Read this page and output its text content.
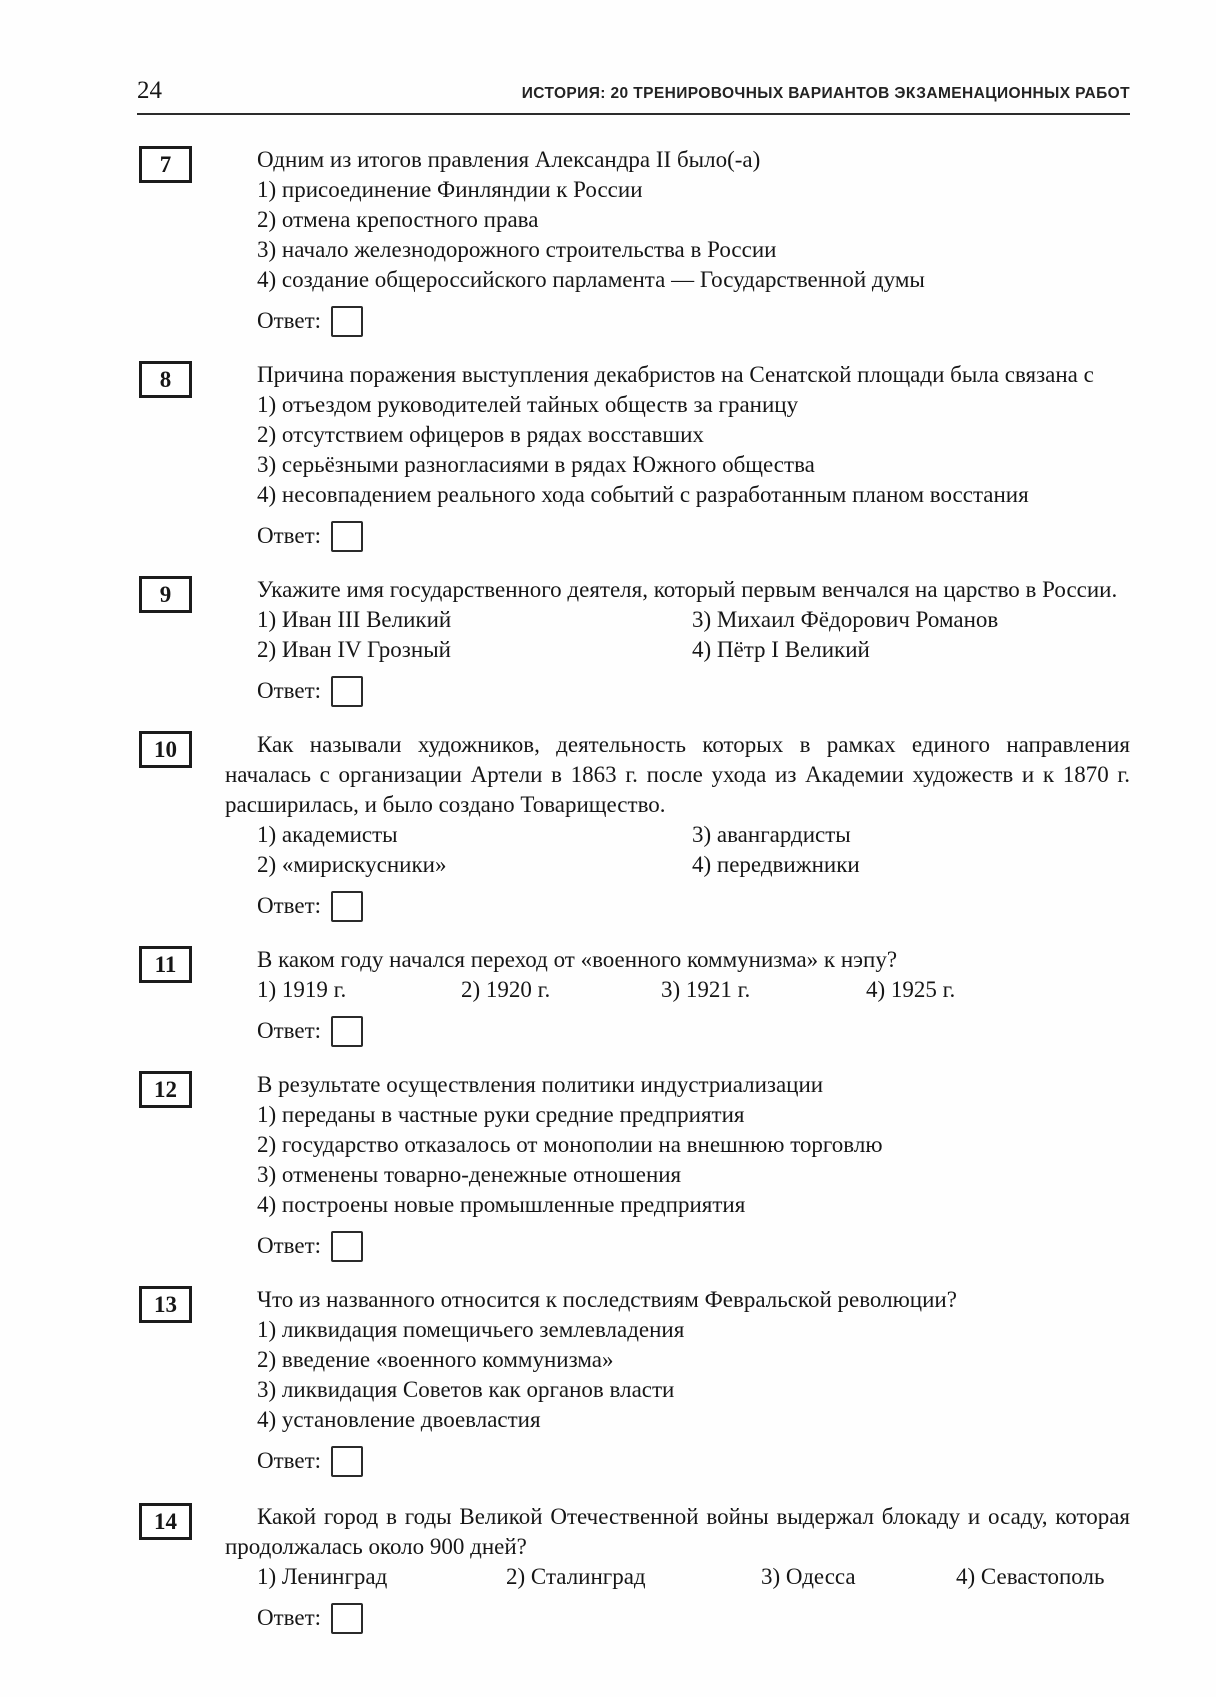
24	ИСТОРИЯ: 20 ТРЕНИРОВОЧНЫХ ВАРИАНТОВ ЭКЗАМЕНАЦИОННЫХ РАБОТ
7	Одним из итогов правления Александра II было(-а)

1) присоединение Финляндии к России
2) отмена крепостного права
3) начало железнодорожного строительства в России
4) создание общероссийского парламента — Государственной думы
Ответ:
8	Причина поражения выступления декабристов на Сенатской площади была связана с

1) отъездом руководителей тайных обществ за границу
2) отсутствием офицеров в рядах восставших
3) серьёзными разногласиями в рядах Южного общества
4) несовпадением реального хода событий с разработанным планом восстания
Ответ:
9	Укажите имя государственного деятеля, который первым венчался на царство в России.

1) Иван III Великий	3) Михаил Фёдорович Романов
2) Иван IV Грозный	4) Пётр I Великий
Ответ:
10	Как называли художников, деятельность которых в рамках единого направления началась с организации Артели в 1863 г. после ухода из Академии художеств и к 1870 г. расширилась, и было создано Товарищество.

1) академисты	3) авангардисты
2) «мирискусники»	4) передвижники
Ответ:
11	В каком году начался переход от «военного коммунизма» к нэпу?

1) 1919 г.	2) 1920 г.	3) 1921 г.	4) 1925 г.
Ответ:
12	В результате осуществления политики индустриализации

1) переданы в частные руки средние предприятия
2) государство отказалось от монополии на внешнюю торговлю
3) отменены товарно-денежные отношения
4) построены новые промышленные предприятия
Ответ:
13	Что из названного относится к последствиям Февральской революции?

1) ликвидация помещичьего землевладения
2) введение «военного коммунизма»
3) ликвидация Советов как органов власти
4) установление двоевластия
Ответ:
14	Какой город в годы Великой Отечественной войны выдержал блокаду и осаду, которая продолжалась около 900 дней?

1) Ленинград	2) Сталинград	3) Одесса	4) Севастополь
Ответ:
